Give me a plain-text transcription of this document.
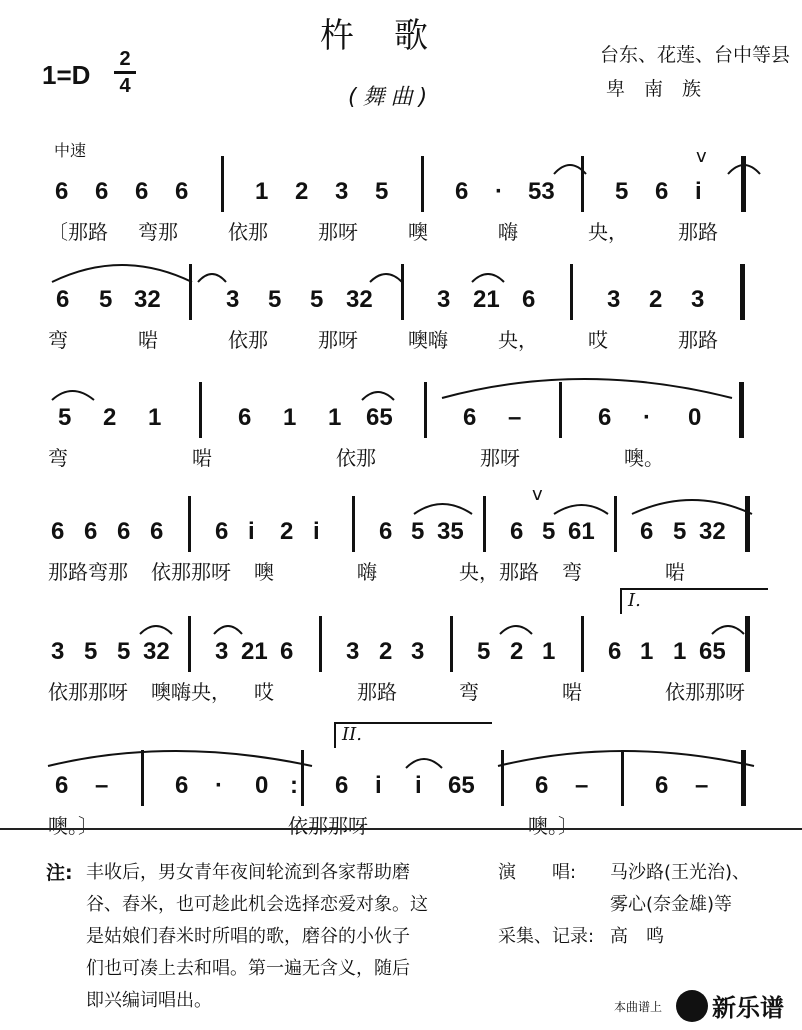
杵歌
(舞曲)
1=D
2
4
台东、花莲、台中等县
卑　南　族
中速	v
6 6 6 6	1 2 3 5	6 · 53	5 6 i
〔那路 弯那	依那	那呀	噢	嗨	央，	那路
6 5 32	3 5 5 32	3 21 6	3 2 3
弯	啱	依那	那呀	噢嗨	央，	哎	那路
5 2 1	6 1 1 65	6 –	6 · 0
弯	啱	依那	那呀	噢。
v
6 6 6 6 6 i 2 i 6 5 35 6 5 61 6 5 32
那路弯那 依那那呀 噢	嗨	央，那路 弯	啱
I.
3 5 5 32 3 21 6 3 2 3 5 2 1 6 1 1 65
依那那呀 噢嗨央， 哎	那路	弯	啱	依那那呀
II.
6 –	6 · 0 : 6 i i 65	6 –	6 –
噢。〕	依那那呀	噢。〕
注: 丰收后，男女青年夜间轮流到各家帮助磨
谷、舂米，也可趁此机会选择恋爱对象。这
是姑娘们舂米时所唱的歌，磨谷的小伙子
们也可凑上去和唱。第一遍无含义，随后
即兴编词唱出。
演　　唱: 马沙路(王光治)、
雾心(奈金雄)等
采集、记录: 高　鸣
本曲谱上 新乐谱
